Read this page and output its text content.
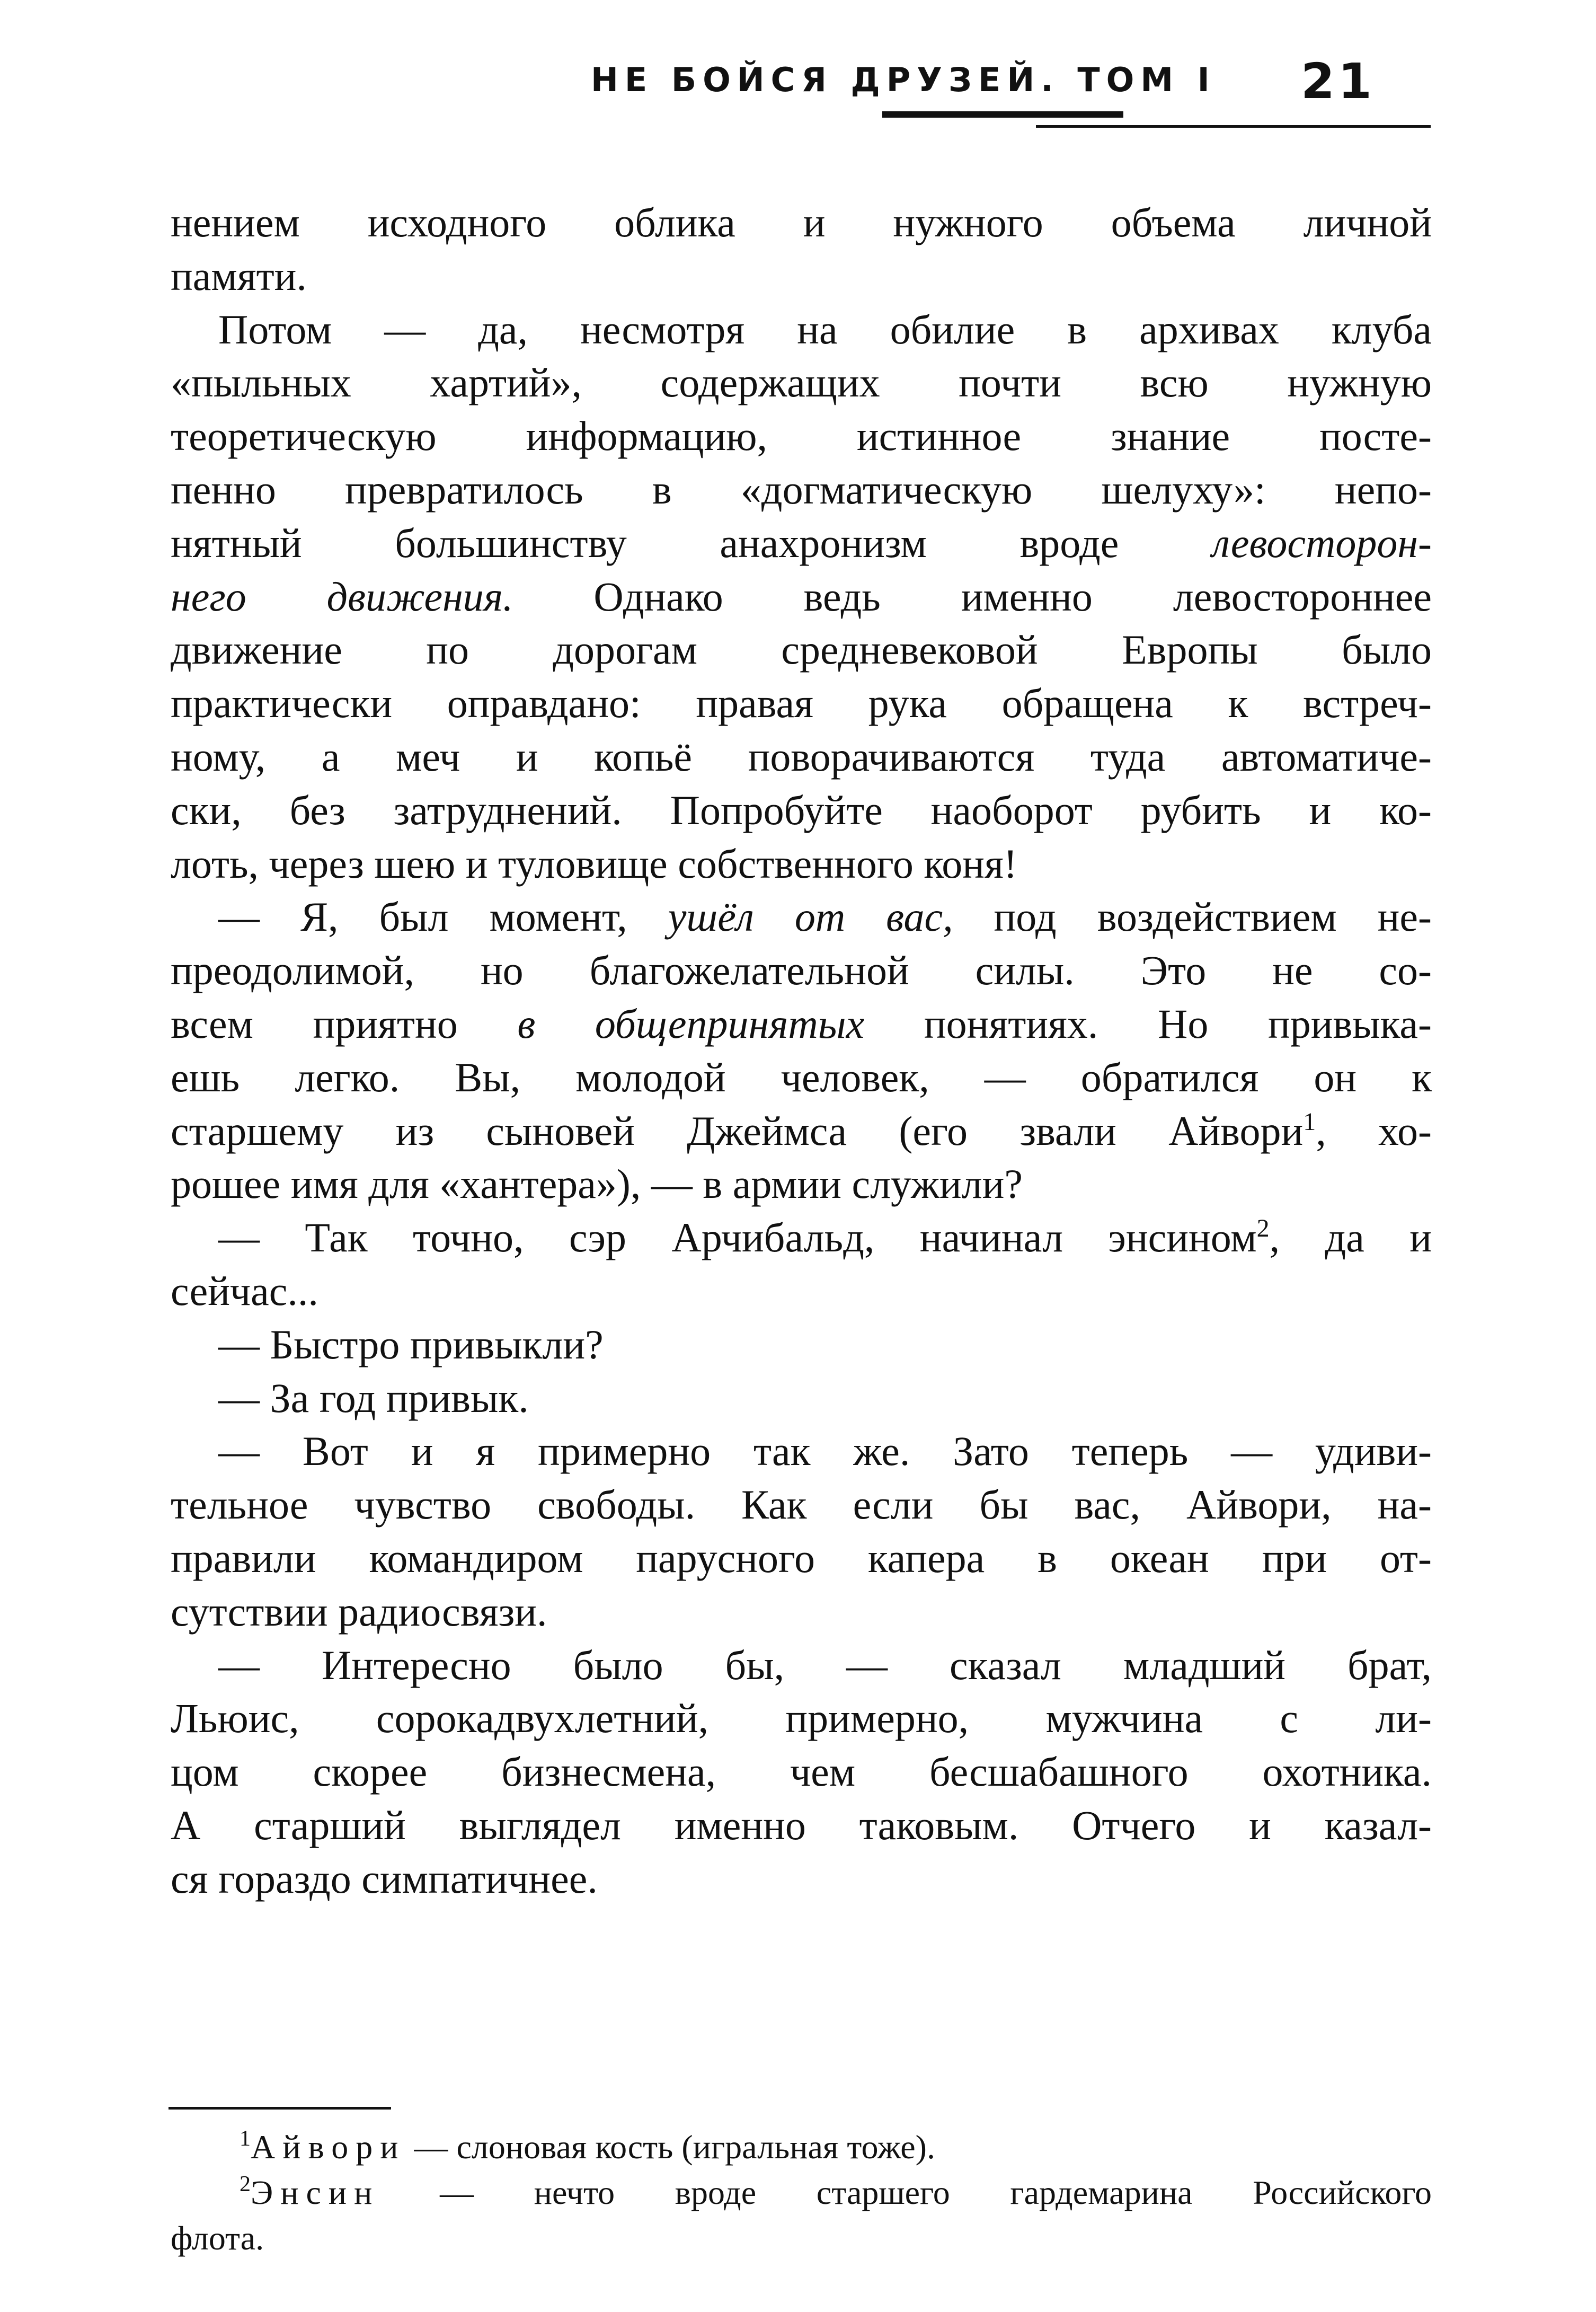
НЕ БОЙСЯ ДРУЗЕЙ. ТОМ I 21
нением исходного облика и нужного объема личной
памяти.
Потом — да, несмотря на обилие в архивах клуба
«пыльных хартий», содержащих почти всю нужную
теоретическую информацию, истинное знание посте-
пенно превратилось в «догматическую шелуху»: непо-
нятный большинству анахронизм вроде левосторон-
него движения. Однако ведь именно левостороннее
движение по дорогам средневековой Европы было
практически оправдано: правая рука обращена к встреч-
ному, а меч и копьё поворачиваются туда автоматиче-
ски, без затруднений. Попробуйте наоборот рубить и ко-
лоть, через шею и туловище собственного коня!
— Я, был момент, ушёл от вас, под воздействием не-
преодолимой, но благожелательной силы. Это не со-
всем приятно в общепринятых понятиях. Но привыка-
ешь легко. Вы, молодой человек, — обратился он к
старшему из сыновей Джеймса (его звали Айвори$^1$, хо-
рошее имя для «хантера»), — в армии служили?
— Так точно, сэр Арчибальд, начинал энсином$^2$, да и
сейчас...
— Быстро привыкли?
— За год привык.
— Вот и я примерно так же. Зато теперь — удиви-
тельное чувство свободы. Как если бы вас, Айвори, на-
правили командиром парусного капера в океан при от-
сутствии радиосвязи.
— Интересно было бы, — сказал младший брат,
Льюис, сорокадвухлетний, примерно, мужчина с ли-
цом скорее бизнесмена, чем бесшабашного охотника.
А старший выглядел именно таковым. Отчего и казал-
ся гораздо симпатичнее.
$^1$Айвори — слоновая кость (игральная тоже).
$^2$Энсин — нечто вроде старшего гардемарина Российского
флота.
